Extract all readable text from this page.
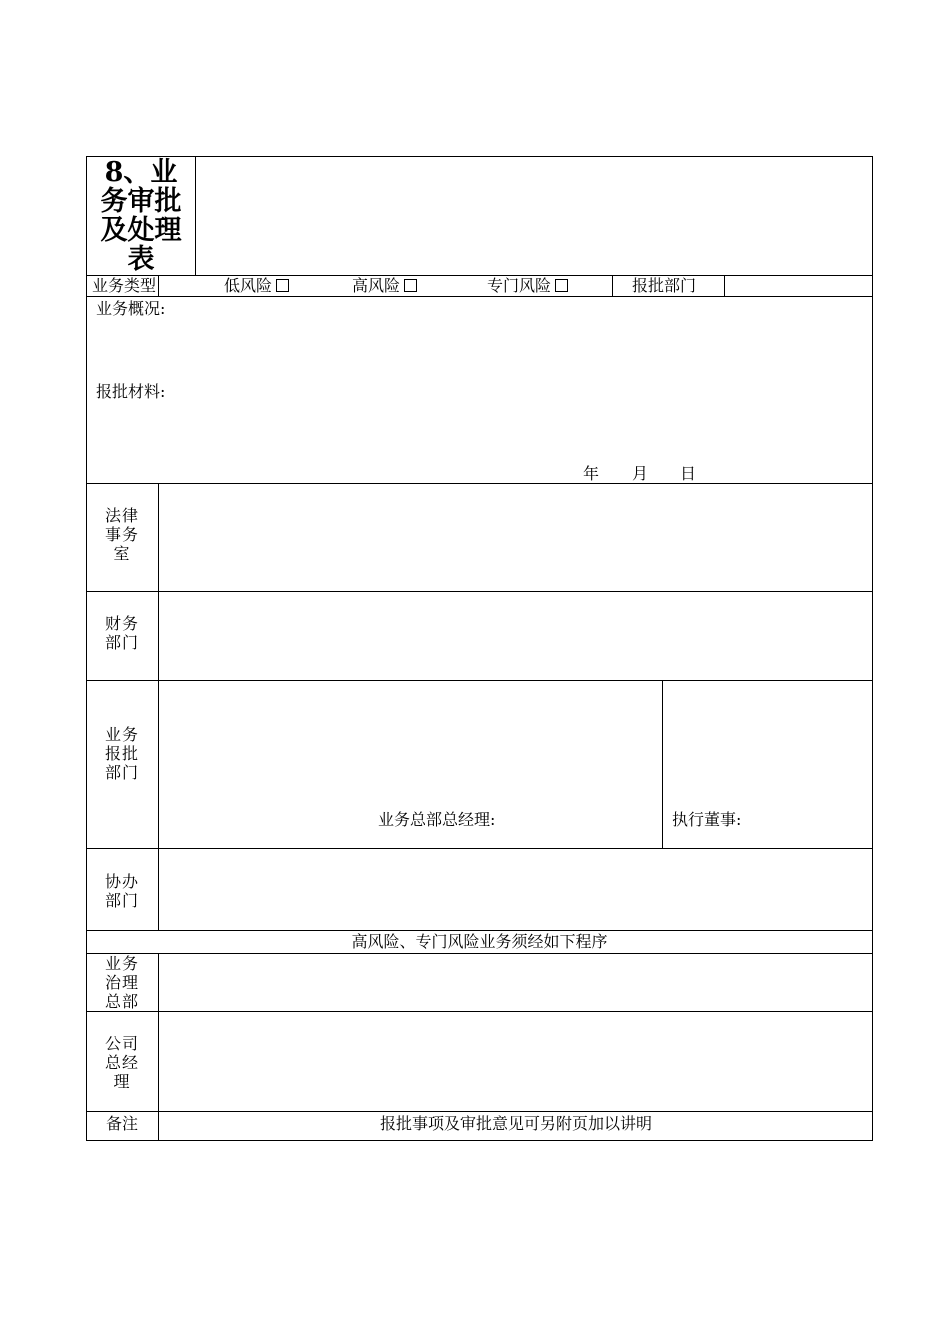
8、业
务审批
及处理
表
业务类型	低风险	高风险	专门风险	报批部门
业务概况:
报批材料:
年 月 日
法律
事务
室
财务
部门
业务
报批
部门
业务总部总经理:	执行董事:
协办
部门
高风险、专门风险业务须经如下程序
业务
治理
总部
公司
总经
理
备注	报批事项及审批意见可另附页加以讲明
